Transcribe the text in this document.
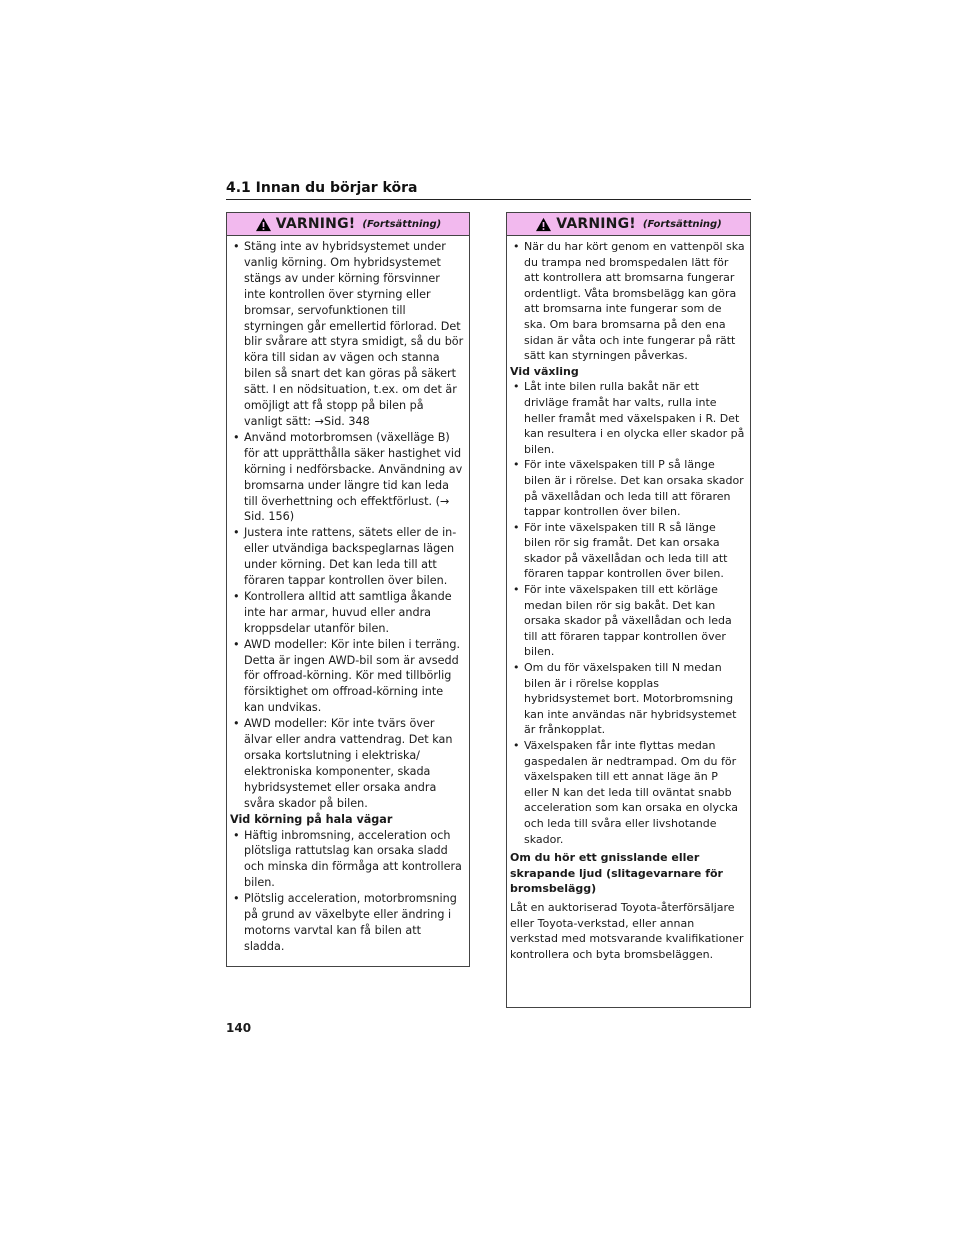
4.1 Innan du börjar köra
VARNING! (Fortsättning)
• Stäng inte av hybridsystemet under vanlig körning. Om hybridsystemet stängs av under körning försvinner inte kontrollen över styrning eller bromsar, servofunktionen till styrningen går emellertid förlorad. Det blir svårare att styra smidigt, så du bör köra till sidan av vägen och stanna bilen så snart det kan göras på säkert sätt. I en nödsituation, t.ex. om det är omöjligt att få stopp på bilen på vanligt sätt: →Sid. 348
• Använd motorbromsen (växelläge B) för att upprätthålla säker hastighet vid körning i nedförsbacke. Användning av bromsarna under längre tid kan leda till överhettning och effektförlust. (→ Sid. 156)
• Justera inte rattens, sätets eller de in- eller utvändiga backspeglarnas lägen under körning. Det kan leda till att föraren tappar kontrollen över bilen.
• Kontrollera alltid att samtliga åkande inte har armar, huvud eller andra kroppsdelar utanför bilen.
• AWD modeller: Kör inte bilen i terräng. Detta är ingen AWD-bil som är avsedd för offroad-körning. Kör med tillbörlig försiktighet om offroad-körning inte kan undvikas.
• AWD modeller: Kör inte tvärs över älvar eller andra vattendrag. Det kan orsaka kortslutning i elektriska/ elektroniska komponenter, skada hybridsystemet eller orsaka andra svåra skador på bilen.
Vid körning på hala vägar
• Häftig inbromsning, acceleration och plötsliga rattutslag kan orsaka sladd och minska din förmåga att kontrollera bilen.
• Plötslig acceleration, motorbromsning på grund av växelbyte eller ändring i motorns varvtal kan få bilen att sladda.
VARNING! (Fortsättning)
• När du har kört genom en vattenpöl ska du trampa ned bromspedalen lätt för att kontrollera att bromsarna fungerar ordentligt. Våta bromsbelägg kan göra att bromsarna inte fungerar som de ska. Om bara bromsarna på den ena sidan är våta och inte fungerar på rätt sätt kan styrningen påverkas.
Vid växling
• Låt inte bilen rulla bakåt när ett drivläge framåt har valts, rulla inte heller framåt med växelspaken i R. Det kan resultera i en olycka eller skador på bilen.
• För inte växelspaken till P så länge bilen är i rörelse. Det kan orsaka skador på växellådan och leda till att föraren tappar kontrollen över bilen.
• För inte växelspaken till R så länge bilen rör sig framåt. Det kan orsaka skador på växellådan och leda till att föraren tappar kontrollen över bilen.
• För inte växelspaken till ett körläge medan bilen rör sig bakåt. Det kan orsaka skador på växellådan och leda till att föraren tappar kontrollen över bilen.
• Om du för växelspaken till N medan bilen är i rörelse kopplas hybridsystemet bort. Motorbromsning kan inte användas när hybridsystemet är frånkopplat.
• Växelspaken får inte flyttas medan gaspedalen är nedtrampad. Om du för växelspaken till ett annat läge än P eller N kan det leda till oväntat snabb acceleration som kan orsaka en olycka och leda till svåra eller livshotande skador.
Om du hör ett gnisslande eller skrapande ljud (slitagevarnare för bromsbelägg)
Låt en auktoriserad Toyota-återförsäljare eller Toyota-verkstad, eller annan verkstad med motsvarande kvalifikationer kontrollera och byta bromsbeläggen.
140
